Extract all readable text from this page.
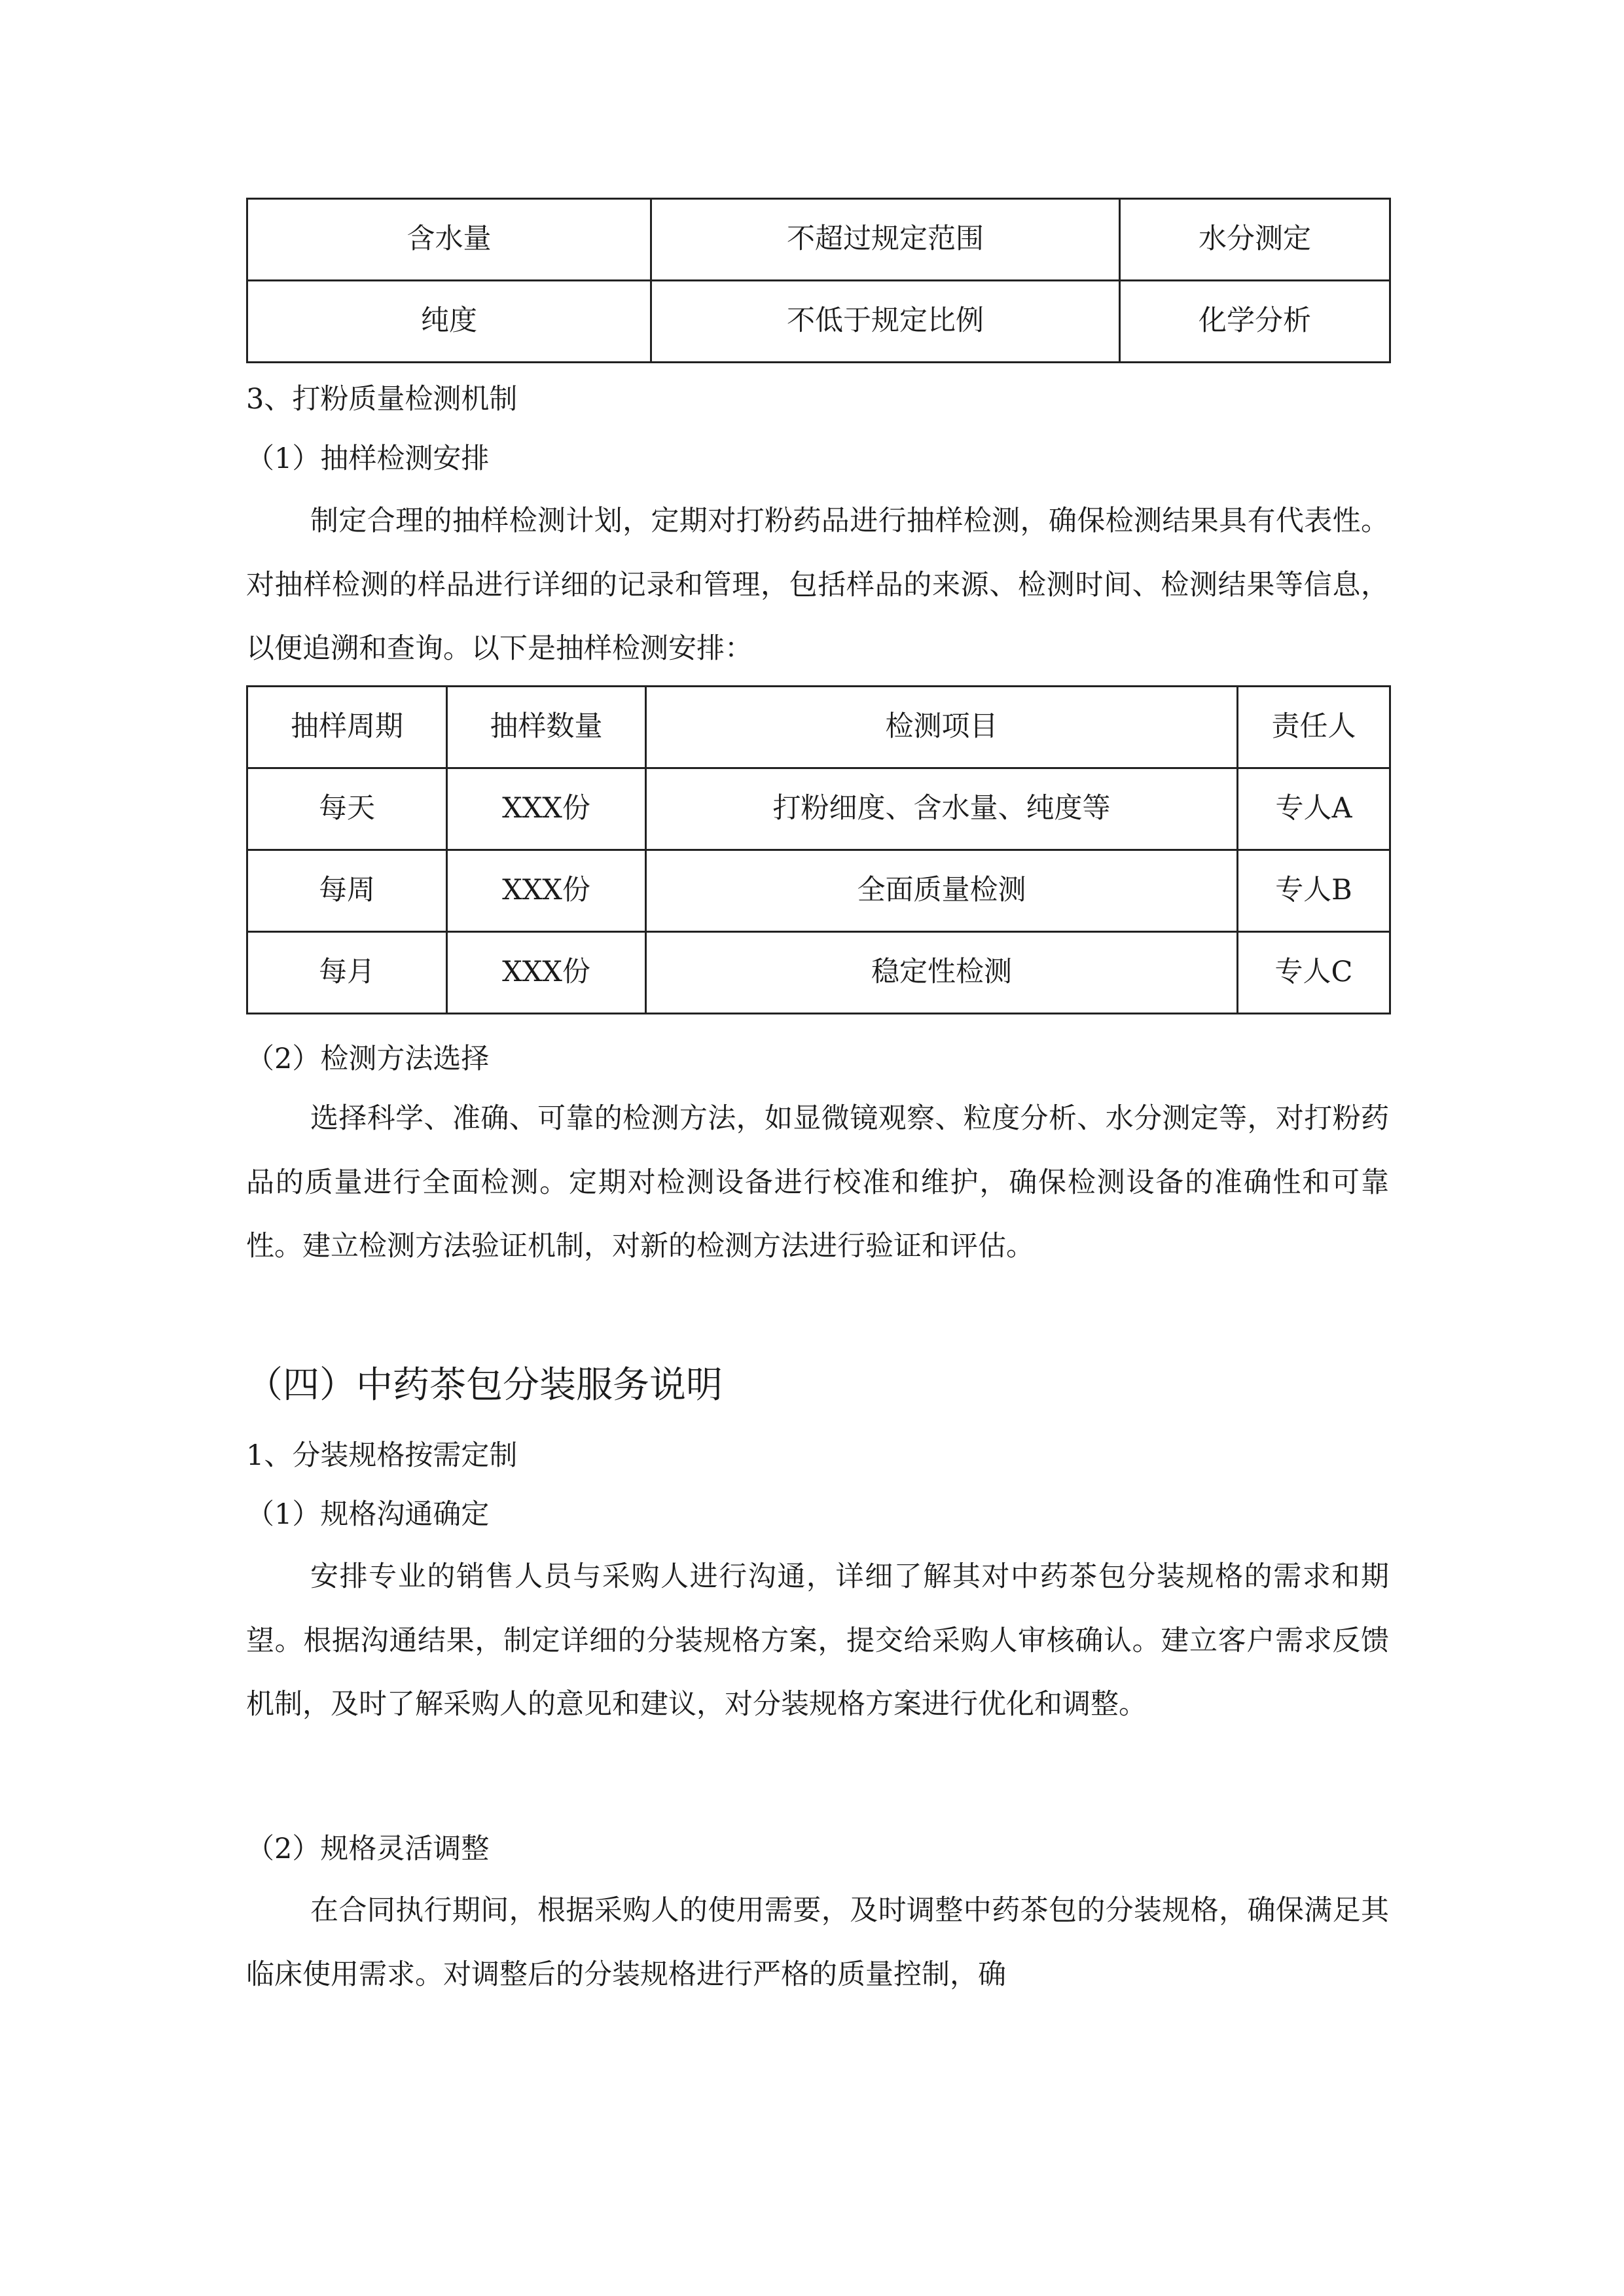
含水量	不超过规定范围	水分测定
纯度	不低于规定比例	化学分析
3、打粉质量检测机制
（1）抽样检测安排

制定合理的抽样检测计划，定期对打粉药品进行抽样检测，确保检测结果具有代表性。对抽样检测的样品进行详细的记录和管理，包括样品的来源、检测时间、检测结果等信息，以便追溯和查询。以下是抽样检测安排：

抽样周期	抽样数量	检测项目	责任人
每天	XXX份	打粉细度、含水量、纯度等	专人A
每周	XXX份	全面质量检测	专人B
每月	XXX份	稳定性检测	专人C
（2）检测方法选择

选择科学、准确、可靠的检测方法，如显微镜观察、粒度分析、水分测定等，对打粉药品的质量进行全面检测。定期对检测设备进行校准和维护，确保检测设备的准确性和可靠性。建立检测方法验证机制，对新的检测方法进行验证和评估。

（四）中药茶包分装服务说明
1、分装规格按需定制
（1）规格沟通确定

安排专业的销售人员与采购人进行沟通，详细了解其对中药茶包分装规格的需求和期望。根据沟通结果，制定详细的分装规格方案，提交给采购人审核确认。建立客户需求反馈机制，及时了解采购人的意见和建议，对分装规格方案进行优化和调整。

（2）规格灵活调整

在合同执行期间，根据采购人的使用需要，及时调整中药茶包的分装规格，确保满足其临床使用需求。对调整后的分装规格进行严格的质量控制，确
